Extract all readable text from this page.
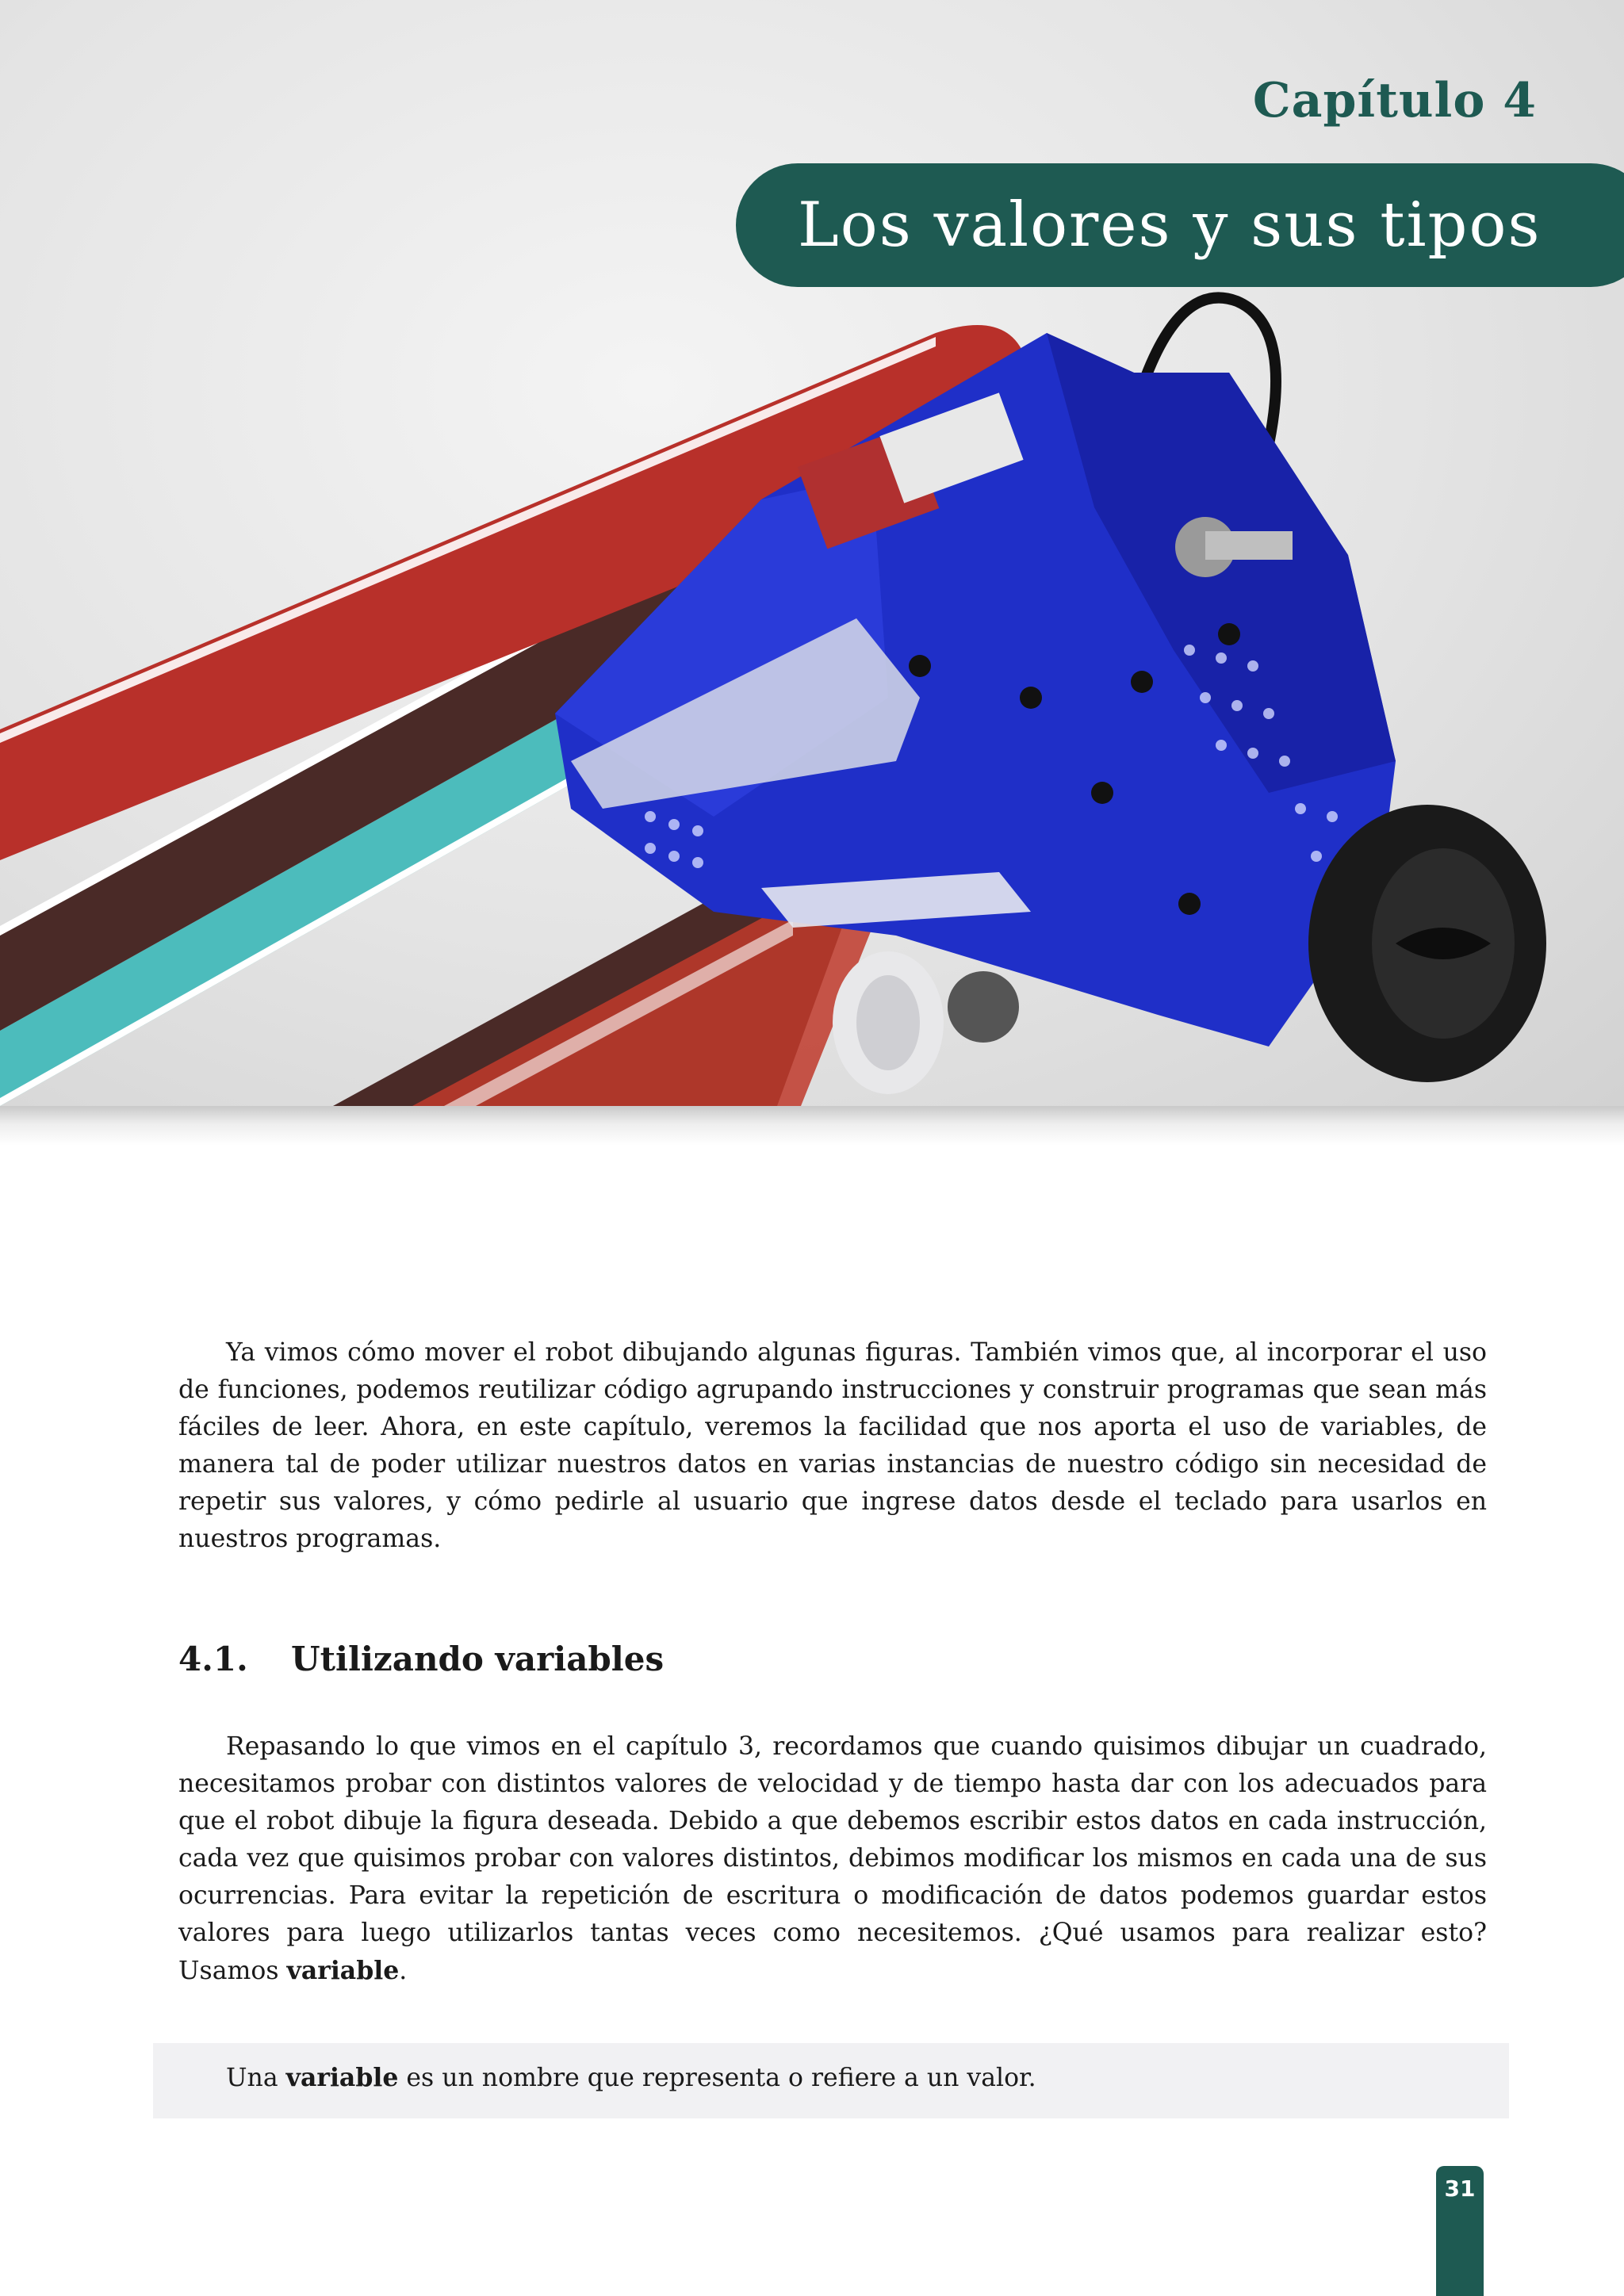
Capítulo 4
Los valores y sus tipos

Ya vimos cómo mover el robot dibujando algunas figuras. También vimos que, al incorporar el uso de funciones, podemos reutilizar código agrupando instrucciones y construir programas que sean más fáciles de leer. Ahora, en este capítulo, veremos la facilidad que nos aporta el uso de variables, de manera tal de poder utilizar nuestros datos en varias instancias de nuestro código sin necesidad de repetir sus valores, y cómo pedirle al usuario que ingrese datos desde el teclado para usarlos en nuestros programas.

4.1. Utilizando variables

Repasando lo que vimos en el capítulo 3, recordamos que cuando quisimos dibujar un cuadrado, necesitamos probar con distintos valores de velocidad y de tiempo hasta dar con los adecuados para que el robot dibuje la figura deseada. Debido a que debemos escribir estos datos en cada instrucción, cada vez que quisimos probar con valores distintos, debimos modificar los mismos en cada una de sus ocurrencias. Para evitar la repetición de escritura o modificación de datos podemos guardar estos valores para luego utilizarlos tantas veces como necesitemos. ¿Qué usamos para realizar esto? Usamos variable.

Una variable es un nombre que representa o refiere a un valor.

31
